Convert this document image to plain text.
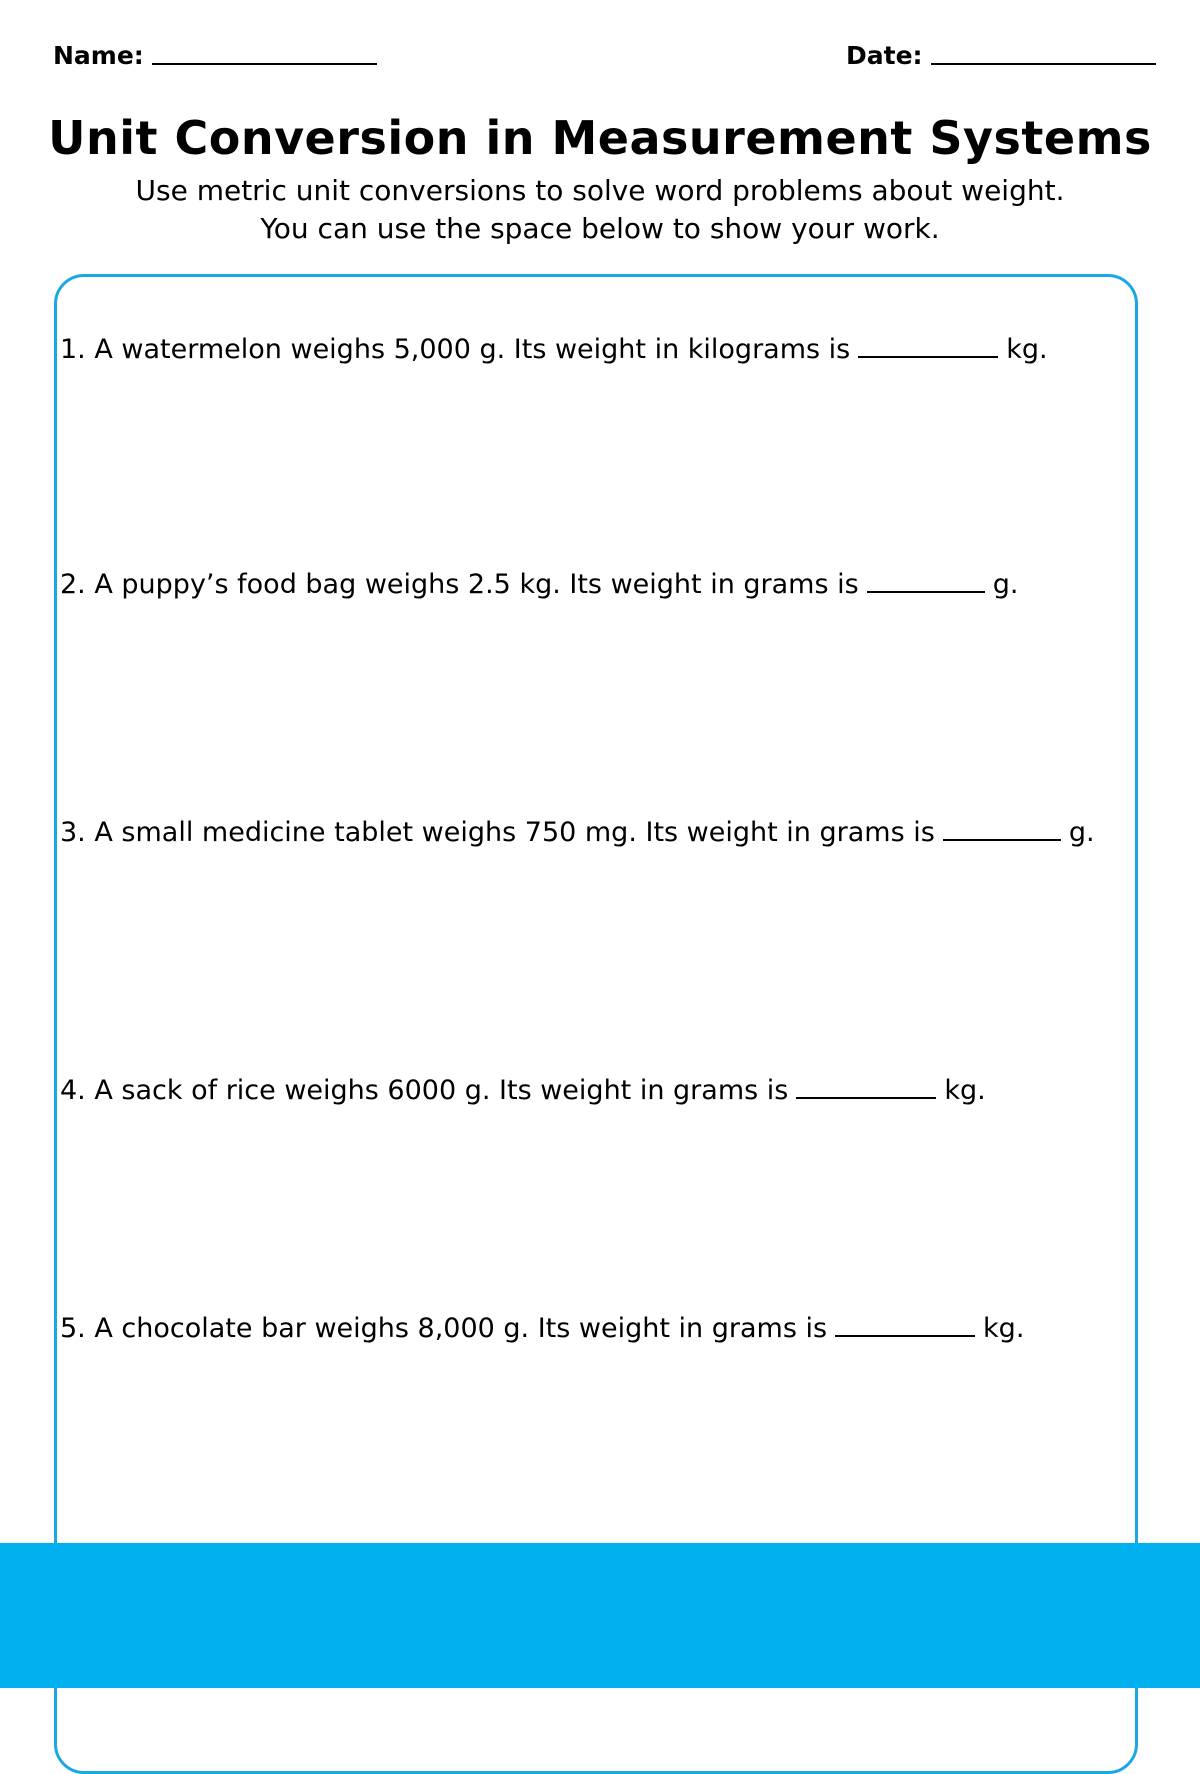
Name:	Date:
Unit Conversion in Measurement Systems
Use metric unit conversions to solve word problems about weight.
You can use the space below to show your work.
1. A watermelon weighs 5,000 g. Its weight in kilograms is	kg.
2. A puppy’s food bag weighs 2.5 kg. Its weight in grams is	g.
3. A small medicine tablet weighs 750 mg. Its weight in grams is	g.
4. A sack of rice weighs 6000 g. Its weight in grams is	kg.
5. A chocolate bar weighs 8,000 g. Its weight in grams is	kg.
